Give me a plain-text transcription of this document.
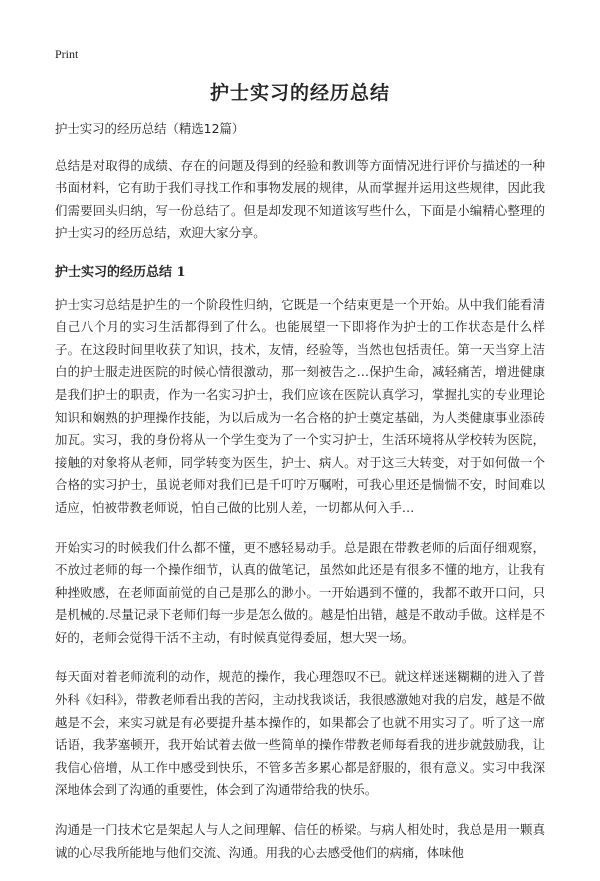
Print
护士实习的经历总结

护士实习的经历总结（精选12篇）

总结是对取得的成绩、存在的问题及得到的经验和教训等方面情况进行评价与描述的一种书面材料，它有助于我们寻找工作和事物发展的规律，从而掌握并运用这些规律，因此我们需要回头归纳，写一份总结了。但是却发现不知道该写些什么，下面是小编精心整理的护士实习的经历总结，欢迎大家分享。

护士实习的经历总结 1

护士实习总结是护生的一个阶段性归纳，它既是一个结束更是一个开始。从中我们能看清自己八个月的实习生活都得到了什么。也能展望一下即将作为护士的工作状态是什么样子。在这段时间里收获了知识，技术，友情，经验等，当然也包括责任。第一天当穿上洁白的护士服走进医院的时候心情很激动，那一刻被告之…保护生命，减轻痛苦，增进健康是我们护士的职责，作为一名实习护士，我们应该在医院认真学习，掌握扎实的专业理论知识和娴熟的护理操作技能，为以后成为一名合格的护士奠定基础，为人类健康事业添砖加瓦。实习，我的身份将从一个学生变为了一个实习护士，生活环境将从学校转为医院，接触的对象将从老师，同学转变为医生，护士、病人。对于这三大转变，对于如何做一个合格的实习护士，虽说老师对我们已是千叮咛万嘱咐，可我心里还是惴惴不安，时间难以适应，怕被带教老师说，怕自己做的比别人差，一切都从何入手…

开始实习的时候我们什么都不懂，更不感轻易动手。总是跟在带教老师的后面仔细观察，不放过老师的每一个操作细节，认真的做笔记，虽然如此还是有很多不懂的地方，让我有种挫败感，在老师面前觉的自己是那么的渺小。一开始遇到不懂的，我都不敢开口问，只是机械的.尽量记录下老师们每一步是怎么做的。越是怕出错，越是不敢动手做。这样是不好的，老师会觉得干活不主动，有时候真觉得委屈，想大哭一场。

每天面对着老师流利的动作，规范的操作，我心理怨叹不已。就这样迷迷糊糊的进入了普外科《妇科》，带教老师看出我的苦闷，主动找我谈话，我很感激她对我的启发，越是不做越是不会，来实习就是有必要提升基本操作的，如果都会了也就不用实习了。听了这一席话语，我茅塞顿开，我开始试着去做一些简单的操作带教老师每看我的进步就鼓励我，让我信心倍增，从工作中感受到快乐，不管多苦多累心都是舒服的，很有意义。实习中我深深地体会到了沟通的重要性，体会到了沟通带给我的快乐。

沟通是一门技术它是架起人与人之间理解、信任的桥梁。与病人相处时，我总是用一颗真诚的心尽我所能地与他们交流、沟通。用我的心去感受他们的病痛，体味他
